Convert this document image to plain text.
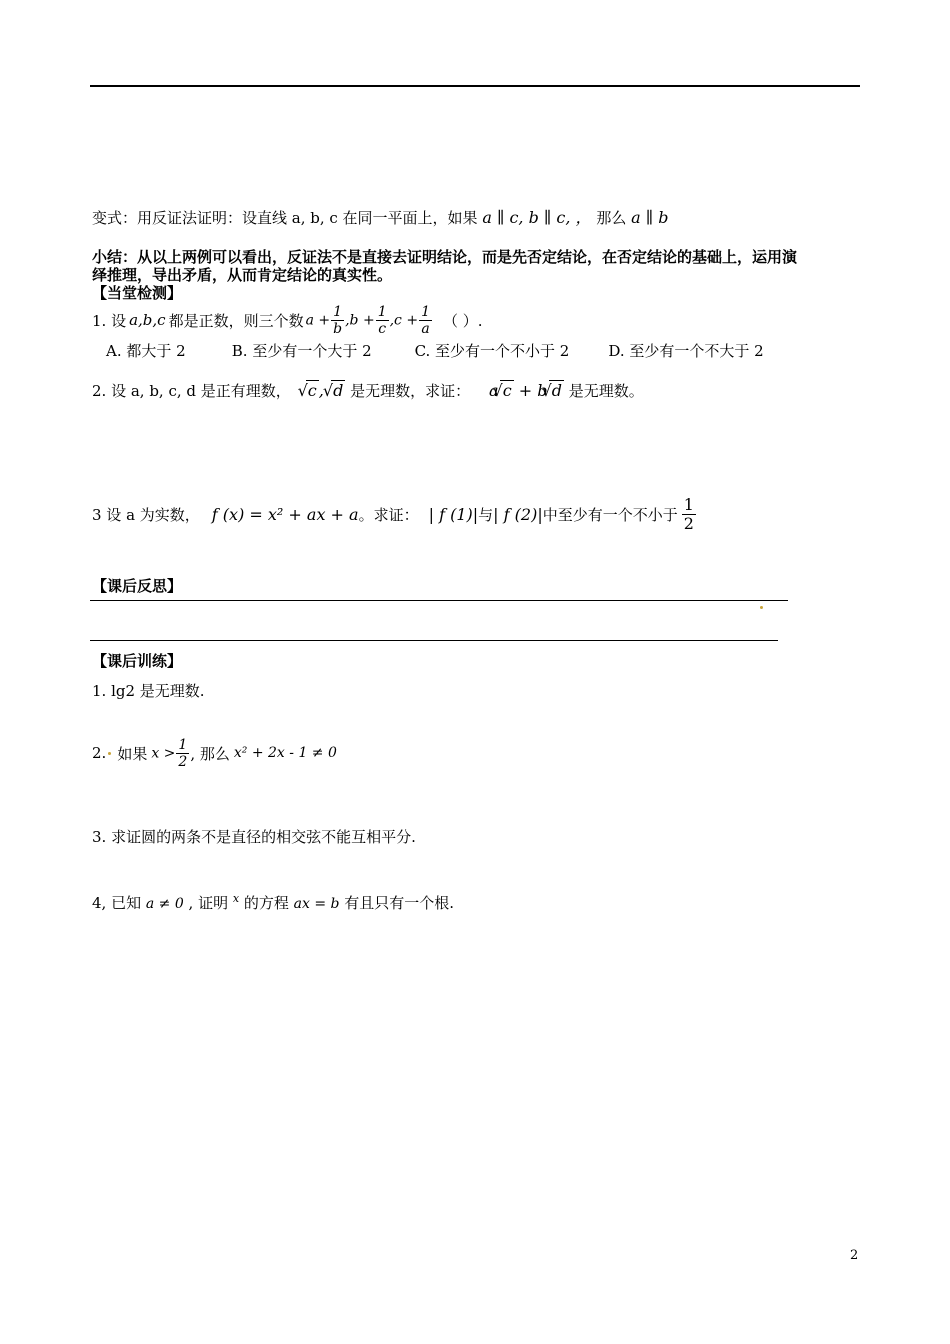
变式：用反证法证明：设直线 a, b, c 在同一平面上，如果 a ∥ c, b ∥ c, ， 那么 a ∥ b
小结：从以上两例可以看出，反证法不是直接去证明结论，而是先否定结论，在否定结论的基础上，运用演
绎推理，导出矛盾，从而肯定结论的真实性。
【当堂检测】
1. 设 a,b,c 都是正数，则三个数 $a + \frac{1}{b} ,b + \frac{1}{c} ,c + \frac{1}{a}$ （ ）.
A. 都大于 2	B. 至少有一个大于 2	C. 至少有一个不小于 2	D. 至少有一个不大于 2
2. 设 a, b, c, d 是正有理数， √ c , √ d 是无理数，求证： a √ c + b √ d 是无理数。
3 设 a 为实数， f (x) = x² + ax + a 。求证： | f (1)| 与 | f (2)| 中至少有一个不小于 $\frac{1}{2}$
【课后反思】
【课后训练】
1. lg2 是无理数.
2. 如果 $x > \frac{1}{2}$ , 那么 x² + 2x - 1 ≠ 0
3. 求证圆的两条不是直径的相交弦不能互相平分.
4, 已知 a ≠ 0 , 证明 $^x$ 的方程 ax = b 有且只有一个根.
2
